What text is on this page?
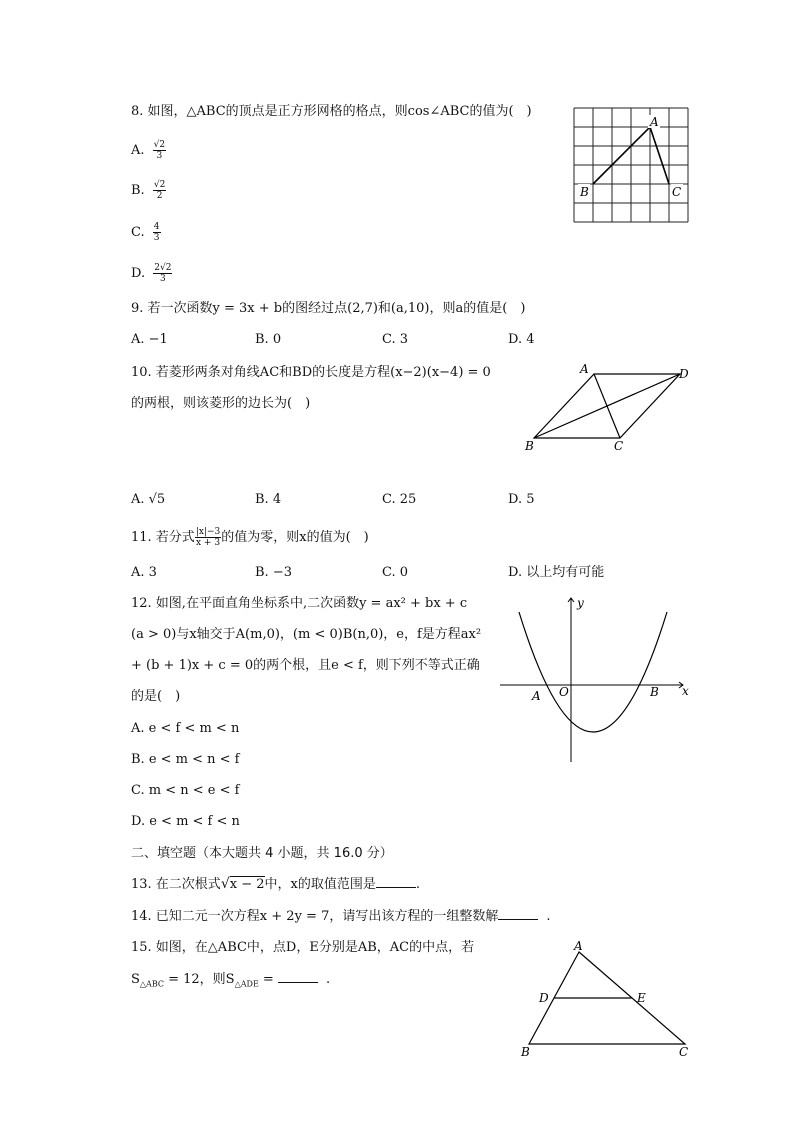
8. 如图，△ABC的顶点是正方形网格的格点，则cos∠ABC的值为(　)
A. $\frac{√2}{3}$
B. $\frac{√2}{2}$
C. $\frac{4}{3}$
D. $\frac{2√2}{3}$
A
B	C
9. 若一次函数y = 3x + b的图经过点(2,7)和(a,10)，则a的值是(　)
A. −1	B. 0	C. 3	D. 4
10. 若菱形两条对角线AC和BD的长度是方程(x−2)(x−4) = 0
的两根，则该菱形的边长为(　)
A	D
B	C
A. √5	B. 4	C. 25	D. 5
11. 若分式 $\frac{|x|-3}{x + 3}$ 的值为零，则x的值为(　)
A. 3	B. −3	C. 0	D. 以上均有可能
12. 如图,在平面直角坐标系中,二次函数y = ax² + bx + c
(a > 0)与x轴交于A(m,0)，(m < 0)B(n,0)，e，f是方程ax²
+ (b + 1)x + c = 0的两个根，且e < f，则下列不等式正确
的是(　)
y
x
O
A	B
A. e < f < m < n
B. e < m < n < f
C. m < n < e < f
D. e < m < f < n
二、填空题（本大题共 4 小题，共 16.0 分）
13. 在二次根式√x − 2中，x的取值范围是	.
14. 已知二元一次方程x + 2y = 7，请写出该方程的一组整数解	.
15. 如图，在△ABC中，点D，E分别是AB，AC的中点，若
$S_{\triangle ABC} = 12$，则$S_{\triangle ADE}$ =	.
A
D	E
B	C
